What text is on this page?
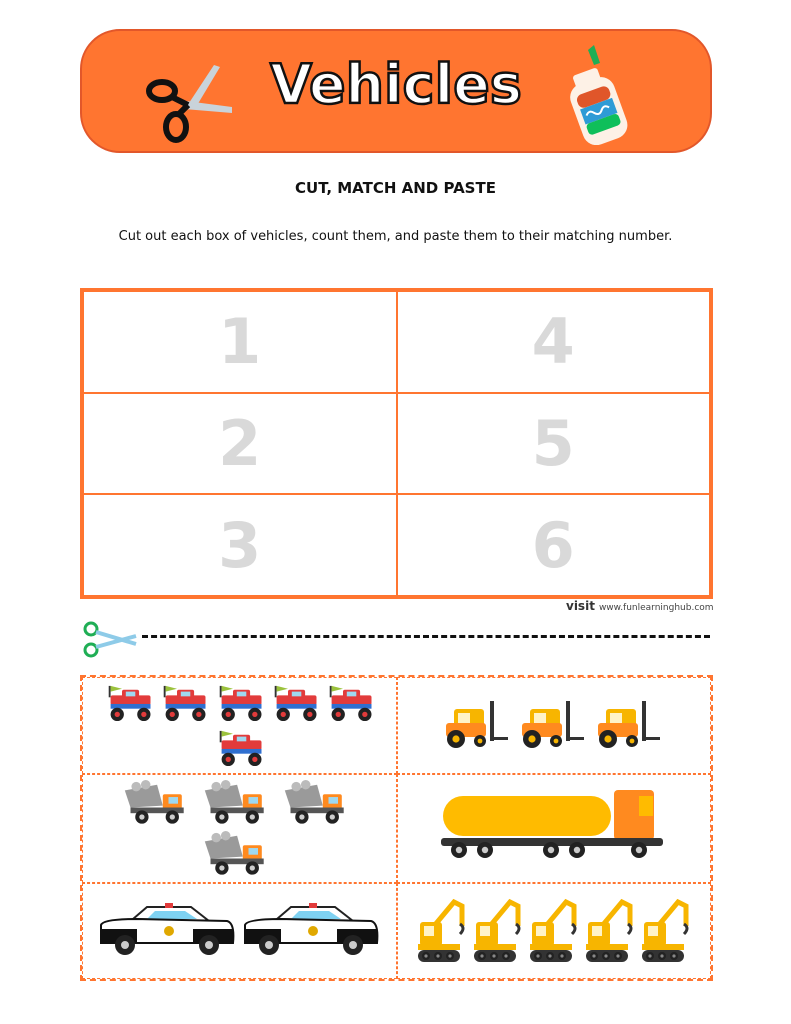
Vehicles
CUT, MATCH AND PASTE
Cut out each box of vehicles, count them, and paste them to their matching number.
1	4
2	5
3	6
visit www.funlearninghub.com
